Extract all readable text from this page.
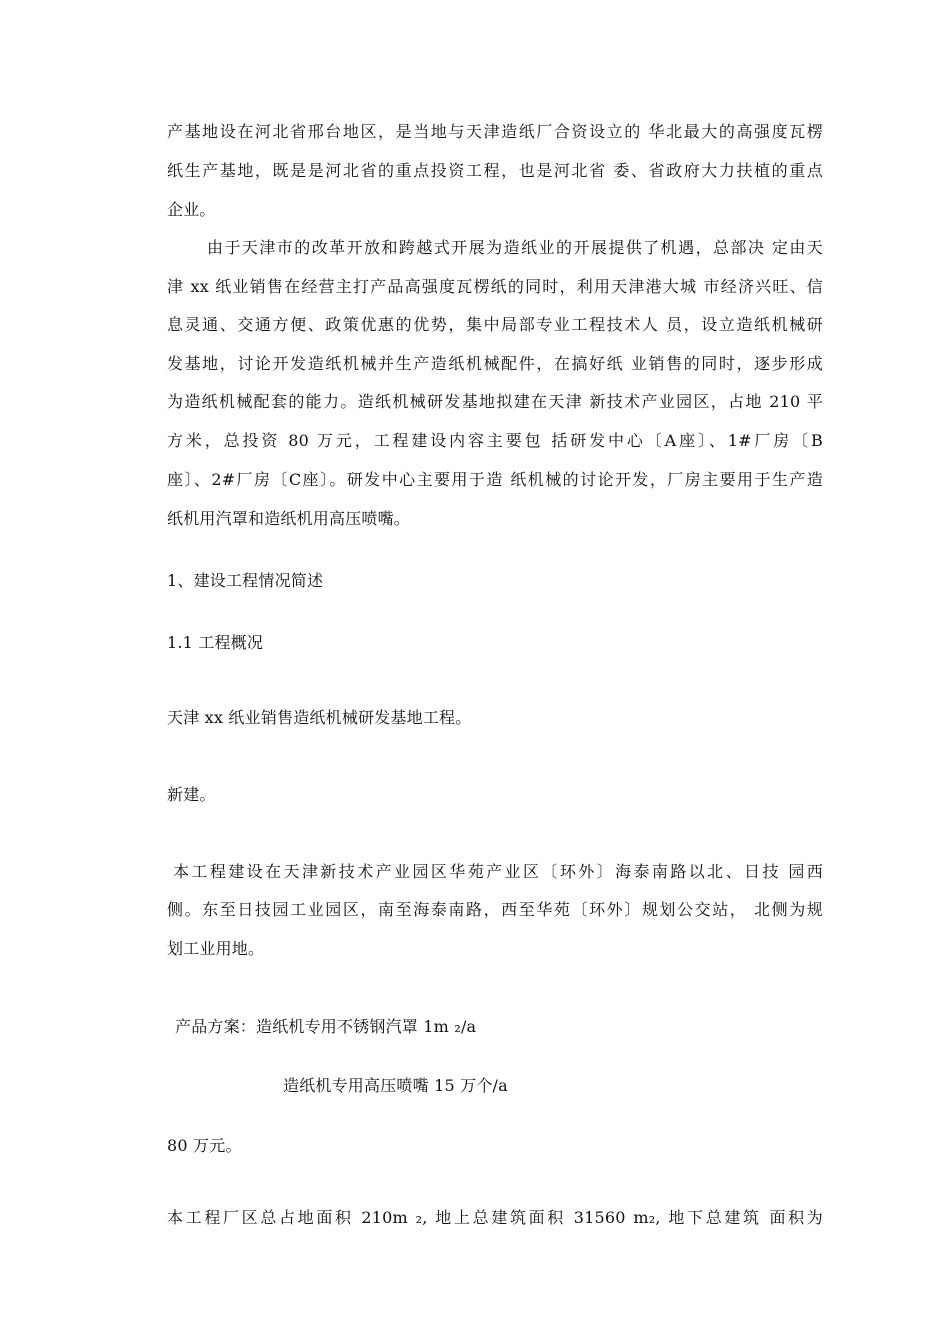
产基地设在河北省邢台地区，是当地与天津造纸厂合资设立的 华北最大的高强度瓦楞
纸生产基地，既是是河北省的重点投资工程，也是河北省 委、省政府大力扶植的重点
企业。
由于天津市的改革开放和跨越式开展为造纸业的开展提供了机遇，总部决 定由天
津 xx 纸业销售在经营主打产品高强度瓦楞纸的同时，利用天津港大城 市经济兴旺、信
息灵通、交通方便、政策优惠的优势，集中局部专业工程技术人 员，设立造纸机械研
发基地，讨论开发造纸机械并生产造纸机械配件，在搞好纸 业销售的同时，逐步形成
为造纸机械配套的能力。造纸机械研发基地拟建在天津 新技术产业园区，占地 210 平
方米，总投资 80 万元，工程建设内容主要包 括研发中心〔A座〕、1#厂房〔B
座〕、2#厂房〔C座〕。研发中心主要用于造 纸机械的讨论开发，厂房主要用于生产造
纸机用汽罩和造纸机用高压喷嘴。
1、建设工程情况简述
1.1 工程概况
天津 xx 纸业销售造纸机械研发基地工程。
新建。
本工程建设在天津新技术产业园区华苑产业区〔环外〕海泰南路以北、日技 园西
侧。东至日技园工业园区，南至海泰南路，西至华苑〔环外〕规划公交站， 北侧为规
划工业用地。
产品方案：造纸机专用不锈钢汽罩 1m ₂/a
造纸机专用高压喷嘴 15 万个/a
80 万元。
本工程厂区总占地面积 210m ₂, 地上总建筑面积 31560 m₂, 地下总建筑 面积为
